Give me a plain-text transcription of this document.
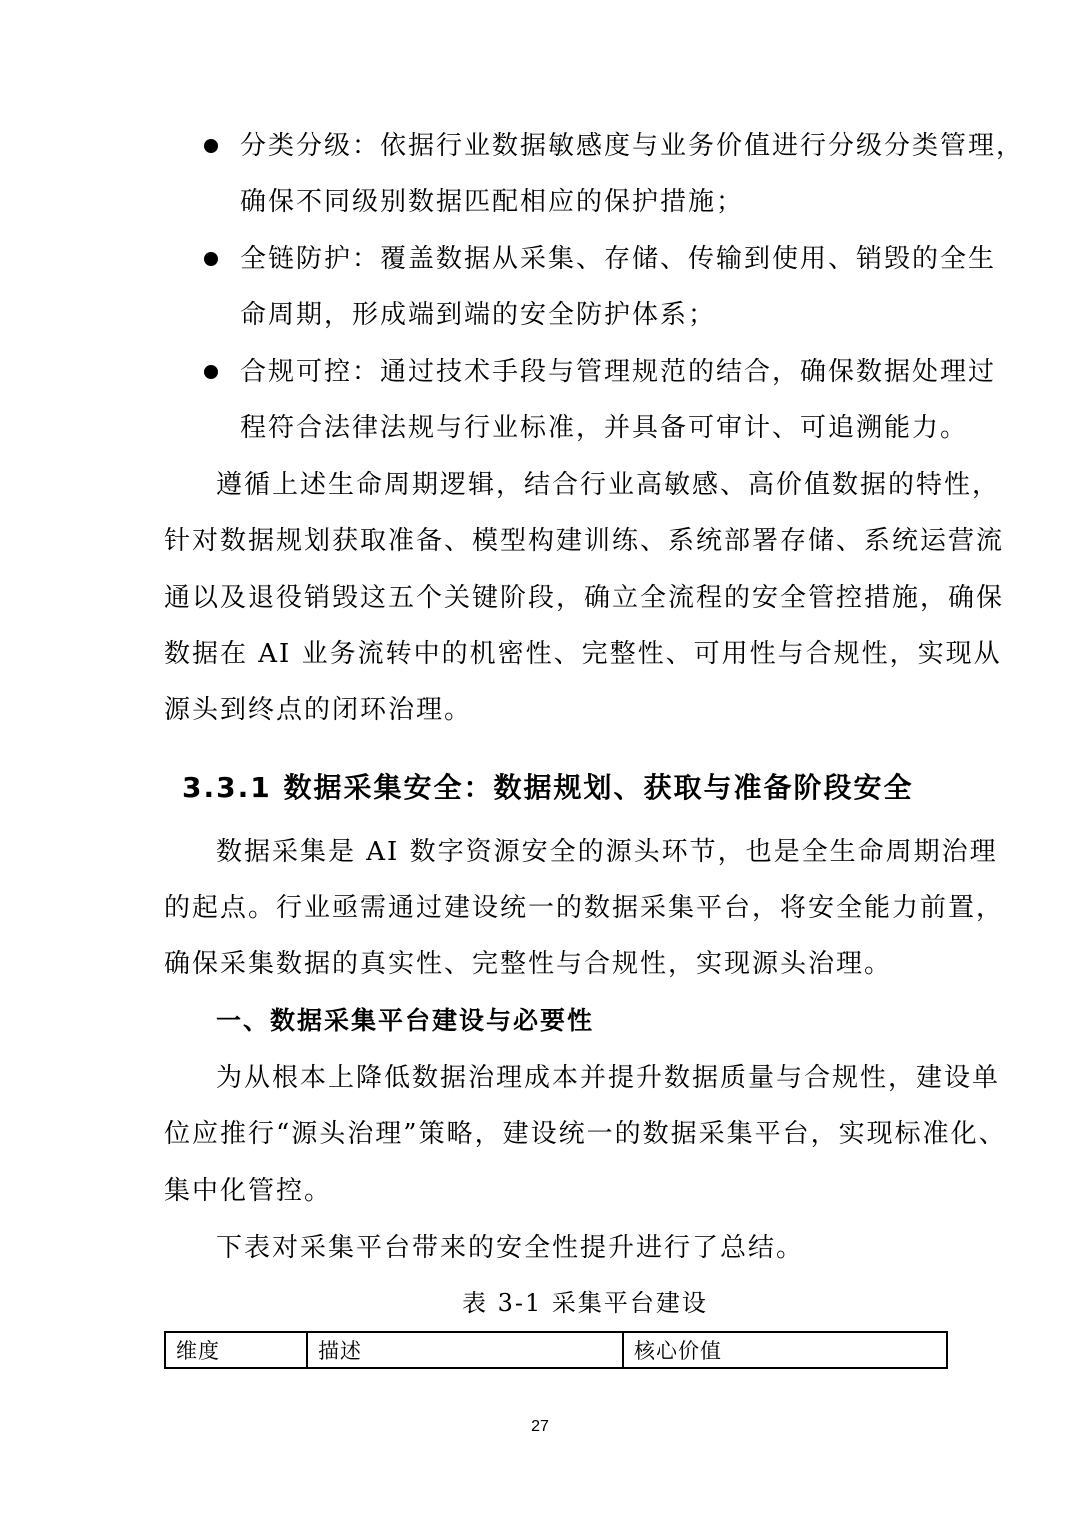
分类分级：依据行业数据敏感度与业务价值进行分级分类管理，
确保不同级别数据匹配相应的保护措施；
全链防护：覆盖数据从采集、存储、传输到使用、销毁的全生
命周期，形成端到端的安全防护体系；
合规可控：通过技术手段与管理规范的结合，确保数据处理过
程符合法律法规与行业标准，并具备可审计、可追溯能力。
遵循上述生命周期逻辑，结合行业高敏感、高价值数据的特性，
针对数据规划获取准备、模型构建训练、系统部署存储、系统运营流
通以及退役销毁这五个关键阶段，确立全流程的安全管控措施，确保
数据在 AI 业务流转中的机密性、完整性、可用性与合规性，实现从
源头到终点的闭环治理。
3.3.1 数据采集安全：数据规划、获取与准备阶段安全
数据采集是 AI 数字资源安全的源头环节，也是全生命周期治理
的起点。行业亟需通过建设统一的数据采集平台，将安全能力前置，
确保采集数据的真实性、完整性与合规性，实现源头治理。
一、数据采集平台建设与必要性
为从根本上降低数据治理成本并提升数据质量与合规性，建设单
位应推行“源头治理”策略，建设统一的数据采集平台，实现标准化、
集中化管控。
下表对采集平台带来的安全性提升进行了总结。
表 3-1 采集平台建设
维度	描述	核心价值
27
